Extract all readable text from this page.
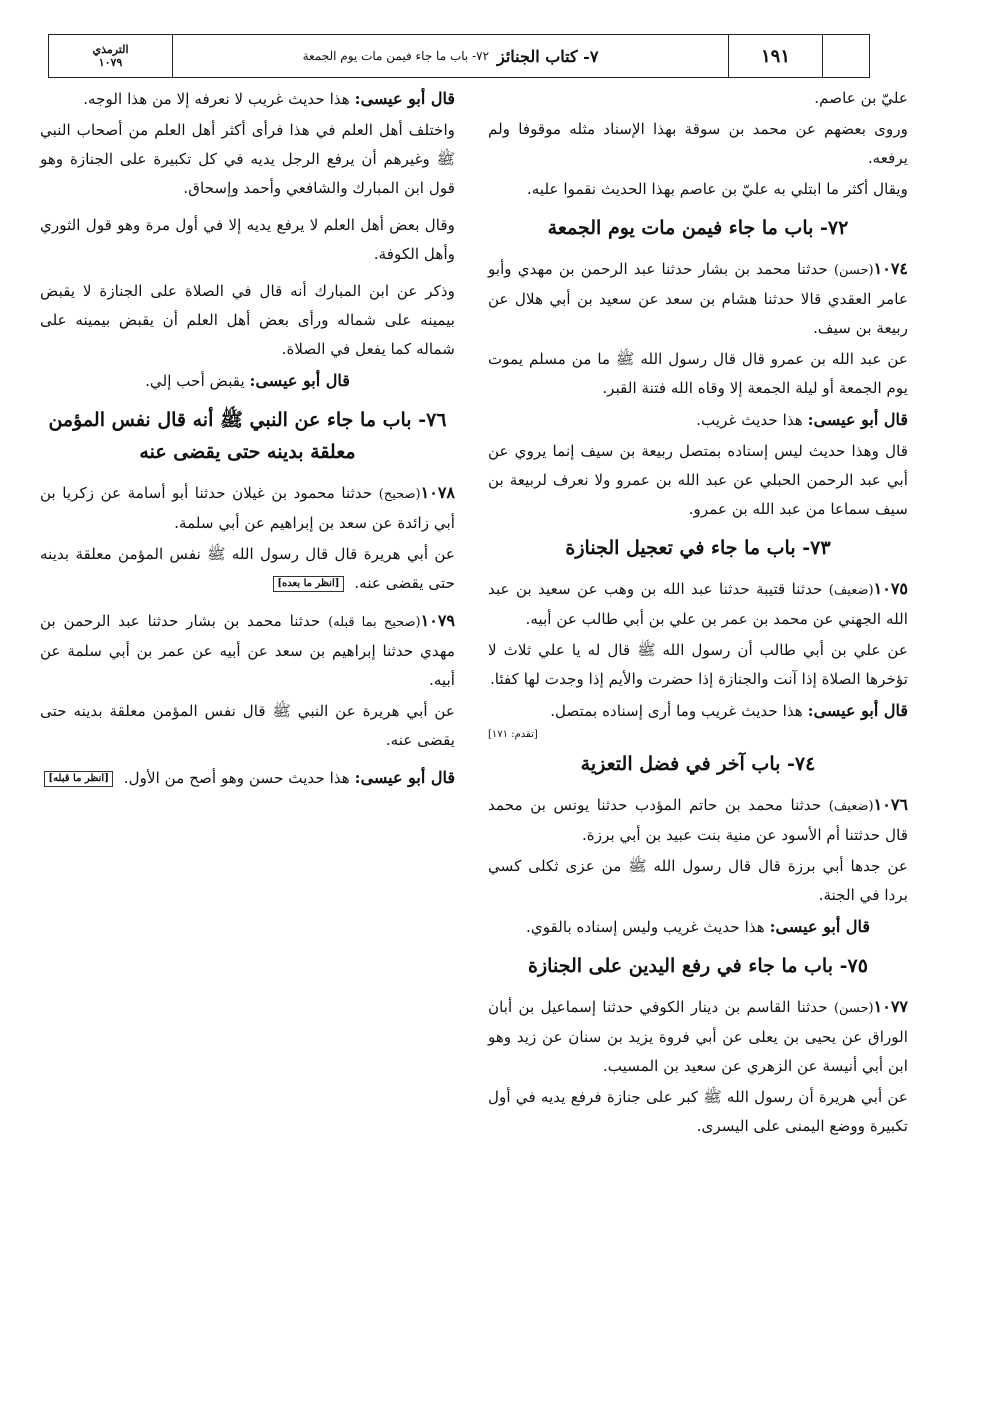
الترمذي
١٠٧٩	٧- كتاب الجنائز
٧٢- باب ما جاء فيمن مات يوم الجمعة	١٩١

عليّ بن عاصم.

وروى بعضهم عن محمد بن سوقة بهذا الإسناد مثله موقوفا ولم يرفعه.

ويقال أكثر ما ابتلي به عليّ بن عاصم بهذا الحديث نقموا عليه.

٧٢- باب ما جاء فيمن مات يوم الجمعة

١٠٧٤(حسن) حدثنا محمد بن بشار حدثنا عبد الرحمن بن مهدي وأبو عامر العقدي قالا حدثنا هشام بن سعد عن سعيد بن أبي هلال عن ربيعة بن سيف.

عن عبد الله بن عمرو قال قال رسول الله ﷺ ما من مسلم يموت يوم الجمعة أو ليلة الجمعة إلا وقاه الله فتنة القبر.

قال أبو عيسى: هذا حديث غريب.

قال وهذا حديث ليس إسناده بمتصل ربيعة بن سيف إنما يروي عن أبي عبد الرحمن الحبلي عن عبد الله بن عمرو ولا نعرف لربيعة بن سيف سماعا من عبد الله بن عمرو.

٧٣- باب ما جاء في تعجيل الجنازة

١٠٧٥(ضعيف) حدثنا قتيبة حدثنا عبد الله بن وهب عن سعيد بن عبد الله الجهني عن محمد بن عمر بن علي بن أبي طالب عن أبيه.

عن علي بن أبي طالب أن رسول الله ﷺ قال له يا علي ثلاث لا تؤخرها الصلاة إذا آنت والجنازة إذا حضرت والأيم إذا وجدت لها كفئا.

قال أبو عيسى: هذا حديث غريب وما أرى إسناده بمتصل.

[تقدم: ١٧١]
٧٤- باب آخر في فضل التعزية

١٠٧٦(ضعيف) حدثنا محمد بن حاتم المؤدب حدثنا يونس بن محمد قال حدثتنا أم الأسود عن منية بنت عبيد بن أبي برزة.

عن جدها أبي برزة قال قال رسول الله ﷺ من عزى ثكلى كسي بردا في الجنة.

قال أبو عيسى: هذا حديث غريب وليس إسناده بالقوي.

٧٥- باب ما جاء في رفع اليدين على الجنازة

١٠٧٧(حسن) حدثنا القاسم بن دينار الكوفي حدثنا إسماعيل بن أبان الوراق عن يحيى بن يعلى عن أبي فروة يزيد بن سنان عن زيد وهو ابن أبي أنيسة عن الزهري عن سعيد بن المسيب.

عن أبي هريرة أن رسول الله ﷺ كبر على جنازة فرفع يديه في أول تكبيرة ووضع اليمنى على اليسرى.

قال أبو عيسى: هذا حديث غريب لا نعرفه إلا من هذا الوجه.

واختلف أهل العلم في هذا فرأى أكثر أهل العلم من أصحاب النبي ﷺ وغيرهم أن يرفع الرجل يديه في كل تكبيرة على الجنازة وهو قول ابن المبارك والشافعي وأحمد وإسحاق.

وقال بعض أهل العلم لا يرفع يديه إلا في أول مرة وهو قول الثوري وأهل الكوفة.

وذكر عن ابن المبارك أنه قال في الصلاة على الجنازة لا يقبض بيمينه على شماله ورأى بعض أهل العلم أن يقبض بيمينه على شماله كما يفعل في الصلاة.

قال أبو عيسى: يقبض أحب إلي.

٧٦- باب ما جاء عن النبي ﷺ أنه قال نفس المؤمن معلقة بدينه حتى يقضى عنه

١٠٧٨(صحيح) حدثنا محمود بن غيلان حدثنا أبو أسامة عن زكريا بن أبي زائدة عن سعد بن إبراهيم عن أبي سلمة.

عن أبي هريرة قال قال رسول الله ﷺ نفس المؤمن معلقة بدينه حتى يقضى عنه. [انظر ما بعده]

١٠٧٩(صحيح بما قبله) حدثنا محمد بن بشار حدثنا عبد الرحمن بن مهدي حدثنا إبراهيم بن سعد عن أبيه عن عمر بن أبي سلمة عن أبيه.

عن أبي هريرة عن النبي ﷺ قال نفس المؤمن معلقة بدينه حتى يقضى عنه.

قال أبو عيسى: هذا حديث حسن وهو أصح من الأول. [انظر ما قبله]
